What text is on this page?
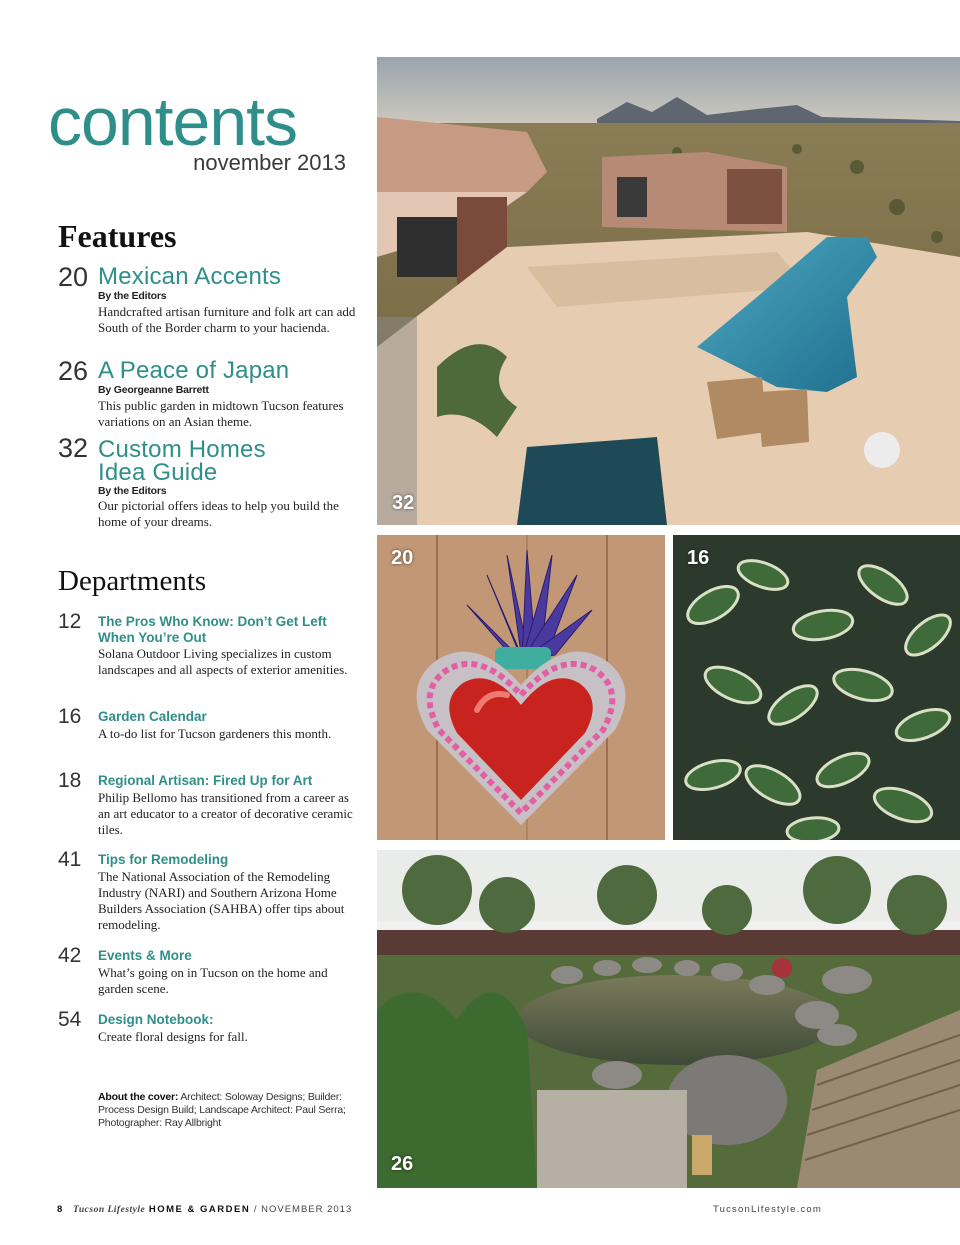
contents
november 2013
Features
20 Mexican Accents
By the Editors
Handcrafted artisan furniture and folk art can add South of the Border charm to your hacienda.
26 A Peace of Japan
By Georgeanne Barrett
This public garden in midtown Tucson features variations on an Asian theme.
32 Custom Homes
Idea Guide
By the Editors
Our pictorial offers ideas to help you build the home of your dreams.
Departments
12 The Pros Who Know: Don’t Get Left When You’re Out
Solana Outdoor Living specializes in custom landscapes and all aspects of exterior amenities.
16 Garden Calendar
A to-do list for Tucson gardeners this month.
18 Regional Artisan: Fired Up for Art
Philip Bellomo has transitioned from a career as an art educator to a creator of decorative ceramic tiles.
41 Tips for Remodeling
The National Association of the Remodeling Industry (NARI) and Southern Arizona Home Builders Association (SAHBA) offer tips about remodeling.
42 Events & More
What’s going on in Tucson on the home and garden scene.
54 Design Notebook:
Create floral designs for fall.
About the cover: Architect: Soloway Designs; Builder: Process Design Build; Landscape Architect: Paul Serra; Photographer: Ray Allbright
8 Tucson Lifestyle HOME & GARDEN / NOVEMBER 2013	TucsonLifestyle.com
32
20	16
26
